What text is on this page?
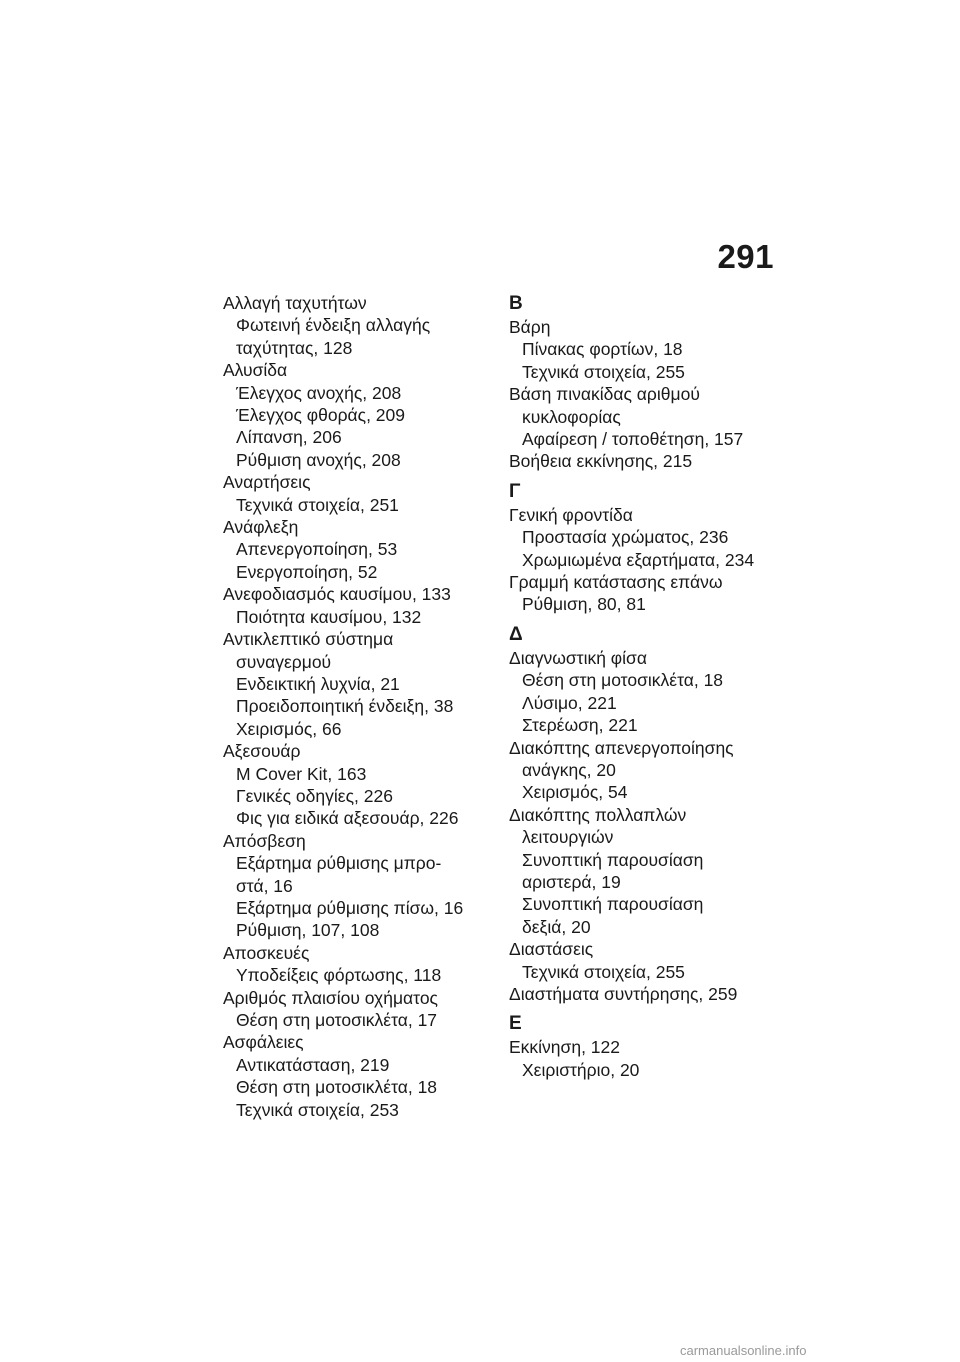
291
Αλλαγή ταχυτήτων
Φωτεινή ένδειξη αλλαγής
ταχύτητας, 128
Αλυσίδα
Έλεγχος ανοχής, 208
Έλεγχος φθοράς, 209
Λίπανση, 206
Ρύθμιση ανοχής, 208
Αναρτήσεις
Τεχνικά στοιχεία, 251
Ανάφλεξη
Απενεργοποίηση, 53
Ενεργοποίηση, 52
Ανεφοδιασμός καυσίμου, 133
Ποιότητα καυσίμου, 132
Αντικλεπτικό σύστημα
συναγερμού
Ενδεικτική λυχνία, 21
Προειδοποιητική ένδειξη, 38
Χειρισμός, 66
Αξεσουάρ
M Cover Kit, 163
Γενικές οδηγίες, 226
Φις για ειδικά αξεσουάρ, 226
Απόσβεση
Εξάρτημα ρύθμισης μπρο-
στά, 16
Εξάρτημα ρύθμισης πίσω, 16
Ρύθμιση, 107, 108
Αποσκευές
Υποδείξεις φόρτωσης, 118
Αριθμός πλαισίου οχήματος
Θέση στη μοτοσικλέτα, 17
Ασφάλειες
Αντικατάσταση, 219
Θέση στη μοτοσικλέτα, 18
Τεχνικά στοιχεία, 253
Β
Βάρη
Πίνακας φορτίων, 18
Τεχνικά στοιχεία, 255
Βάση πινακίδας αριθμού
κυκλοφορίας
Αφαίρεση / τοποθέτηση, 157
Βοήθεια εκκίνησης, 215
Γ
Γενική φροντίδα
Προστασία χρώματος, 236
Χρωμιωμένα εξαρτήματα, 234
Γραμμή κατάστασης επάνω
Ρύθμιση, 80, 81
Δ
Διαγνωστική φίσα
Θέση στη μοτοσικλέτα, 18
Λύσιμο, 221
Στερέωση, 221
Διακόπτης απενεργοποίησης
ανάγκης, 20
Χειρισμός, 54
Διακόπτης πολλαπλών
λειτουργιών
Συνοπτική παρουσίαση
αριστερά, 19
Συνοπτική παρουσίαση
δεξιά, 20
Διαστάσεις
Τεχνικά στοιχεία, 255
Διαστήματα συντήρησης, 259
Ε
Εκκίνηση, 122
Χειριστήριο, 20
carmanualsonline.info
